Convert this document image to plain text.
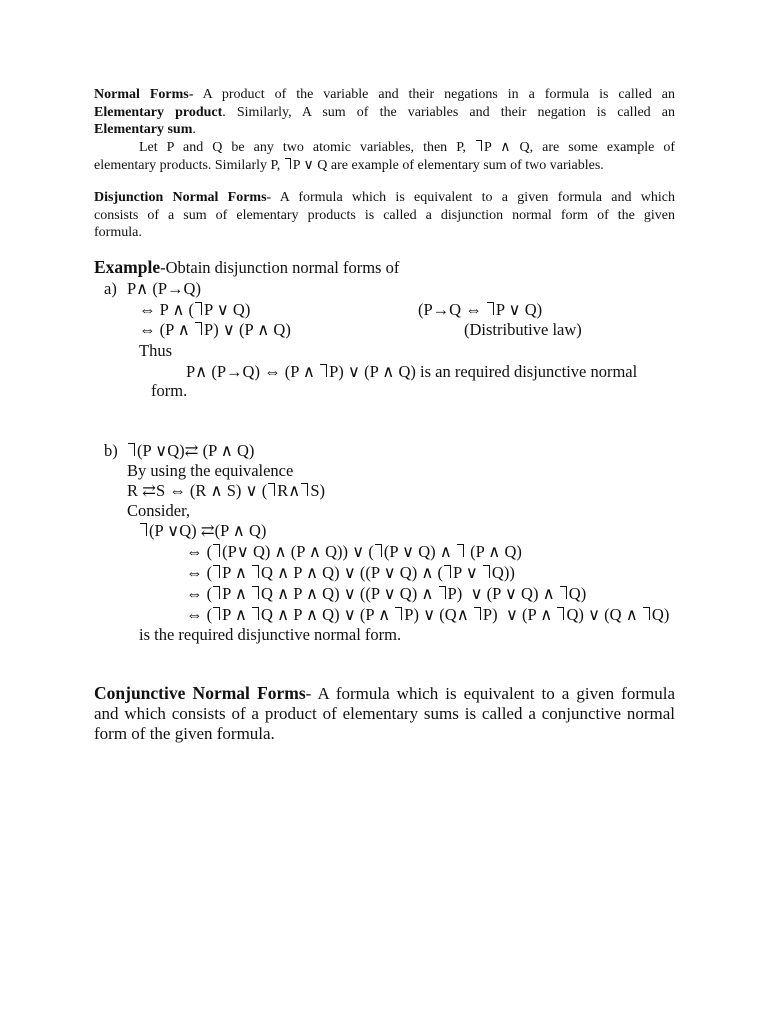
Normal Forms- A product of the variable and their negations in a formula is called an
Elementary product. Similarly, A sum of the variables and their negation is called an
Elementary sum.
Let P and Q be any two atomic variables, then P, P ∧ Q, are some example of
elementary products. Similarly P, P ∨ Q are example of elementary sum of two variables.
Disjunction Normal Forms- A formula which is equivalent to a given formula and which
consists of a sum of elementary products is called a disjunction normal form of the given
formula.
Example-Obtain disjunction normal forms of
a) P∧ (P→Q)
⇔ P ∧ ( P ∨ Q)	(P→Q ⇔ P ∨ Q)
⇔ (P ∧ P) ∨ (P ∧ Q)	(Distributive law)
Thus
P∧ (P→Q) ⇔ (P ∧ P) ∨ (P ∧ Q) is an required disjunctive normal
form.
b)	(P ∨Q)⇄ (P ∧ Q)
By using the equivalence
R ⇄S ⇔ (R ∧ S) ∨ ( R∧ S)
Consider,
(P ∨Q) ⇄(P ∧ Q)
⇔ ( (P∨ Q) ∧ (P ∧ Q)) ∨ ( (P ∨ Q) ∧  (P ∧ Q)
⇔ ( P ∧ Q ∧ P ∧ Q) ∨ ((P ∨ Q) ∧ ( P ∨ Q))
⇔ ( P ∧ Q ∧ P ∧ Q) ∨ ((P ∨ Q) ∧ P)  ∨ (P ∨ Q) ∧ Q)
⇔ ( P ∧ Q ∧ P ∧ Q) ∨ (P ∧ P) ∨ (Q∧ P)  ∨ (P ∧ Q) ∨ (Q ∧ Q)
is the required disjunctive normal form.
Conjunctive Normal Forms- A formula which is equivalent to a given formula
and which consists of a product of elementary sums is called a conjunctive normal
form of the given formula.
